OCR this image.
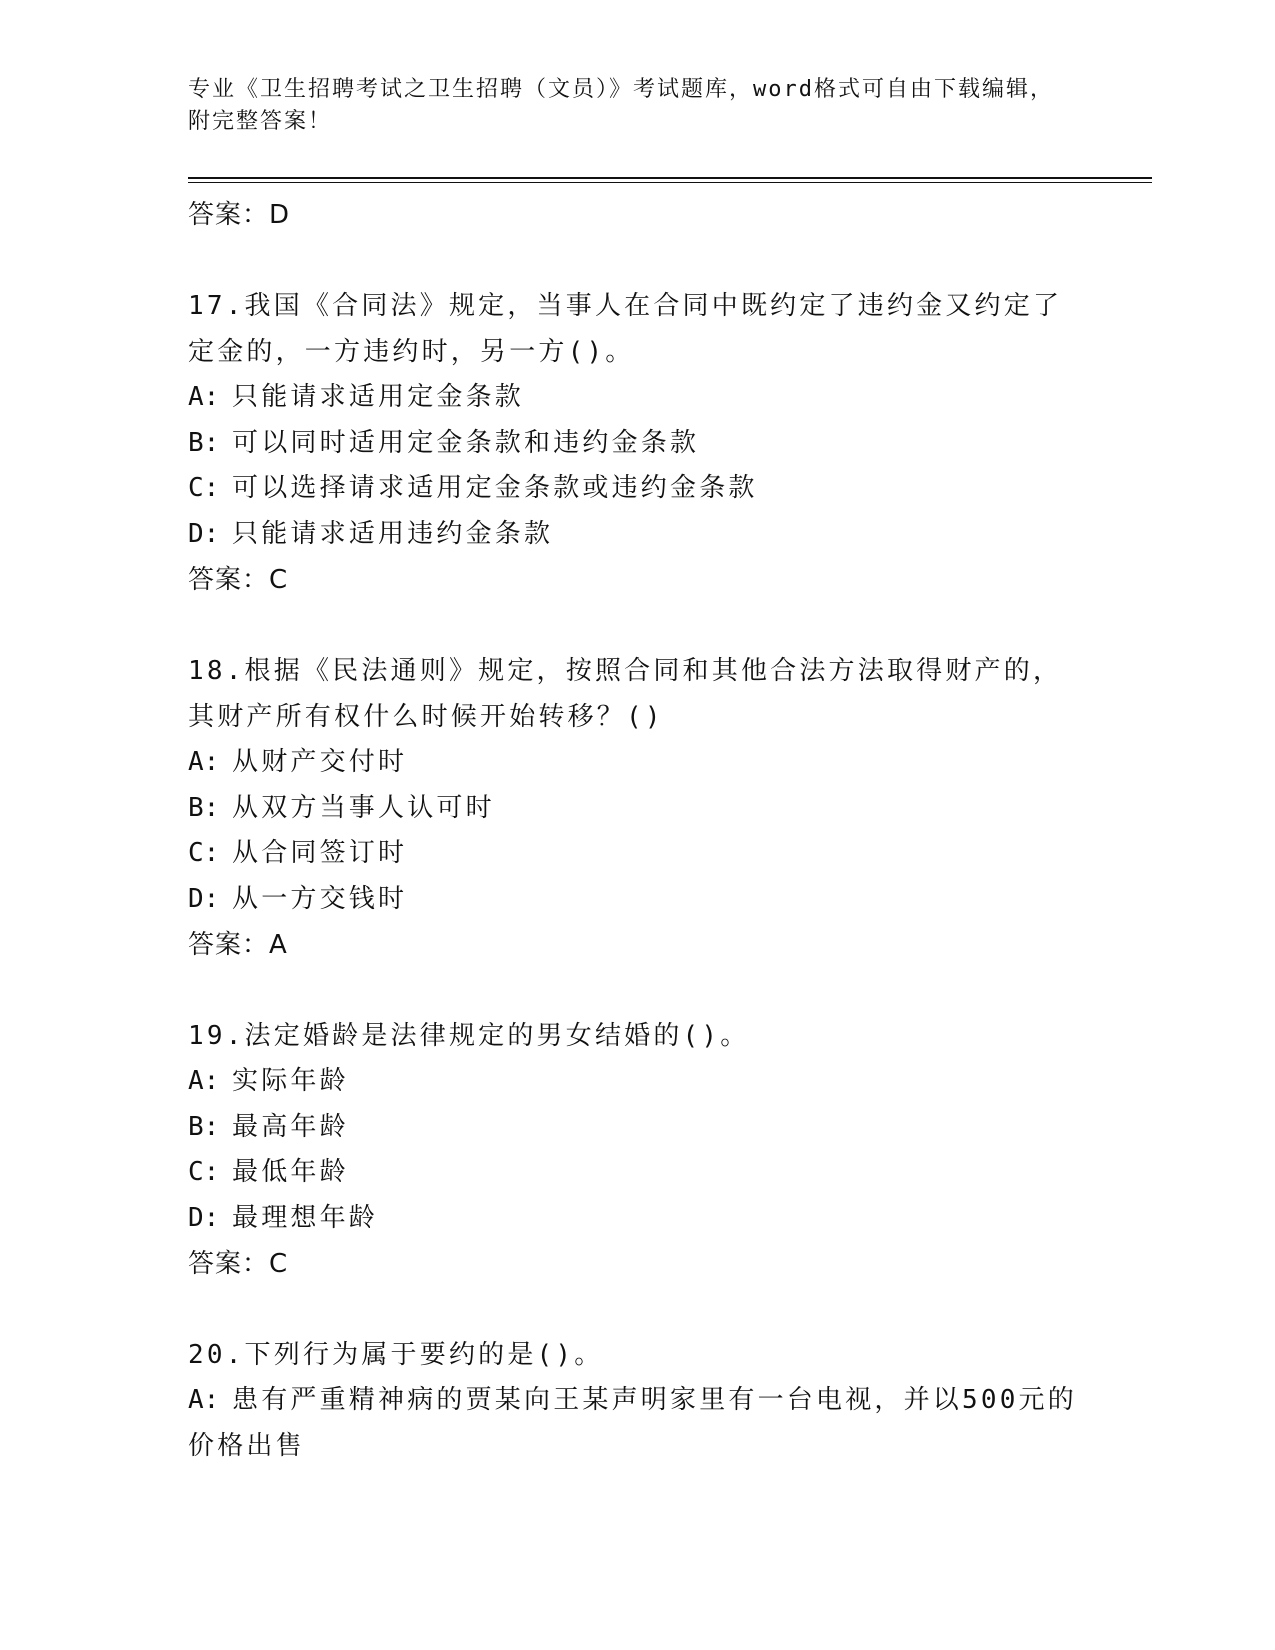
专业《卫生招聘考试之卫生招聘（文员）》考试题库，word格式可自由下载编辑，附完整答案！

答案：D

17.我国《合同法》规定，当事人在合同中既约定了违约金又约定了定金的，一方违约时，另一方()。

A: 只能请求适用定金条款

B: 可以同时适用定金条款和违约金条款

C: 可以选择请求适用定金条款或违约金条款

D: 只能请求适用违约金条款

答案：C

18.根据《民法通则》规定，按照合同和其他合法方法取得财产的，其财产所有权什么时候开始转移？()

A: 从财产交付时

B: 从双方当事人认可时

C: 从合同签订时

D: 从一方交钱时

答案：A

19.法定婚龄是法律规定的男女结婚的()。

A: 实际年龄

B: 最高年龄

C: 最低年龄

D: 最理想年龄

答案：C

20.下列行为属于要约的是()。

A: 患有严重精神病的贾某向王某声明家里有一台电视，并以500元的价格出售
